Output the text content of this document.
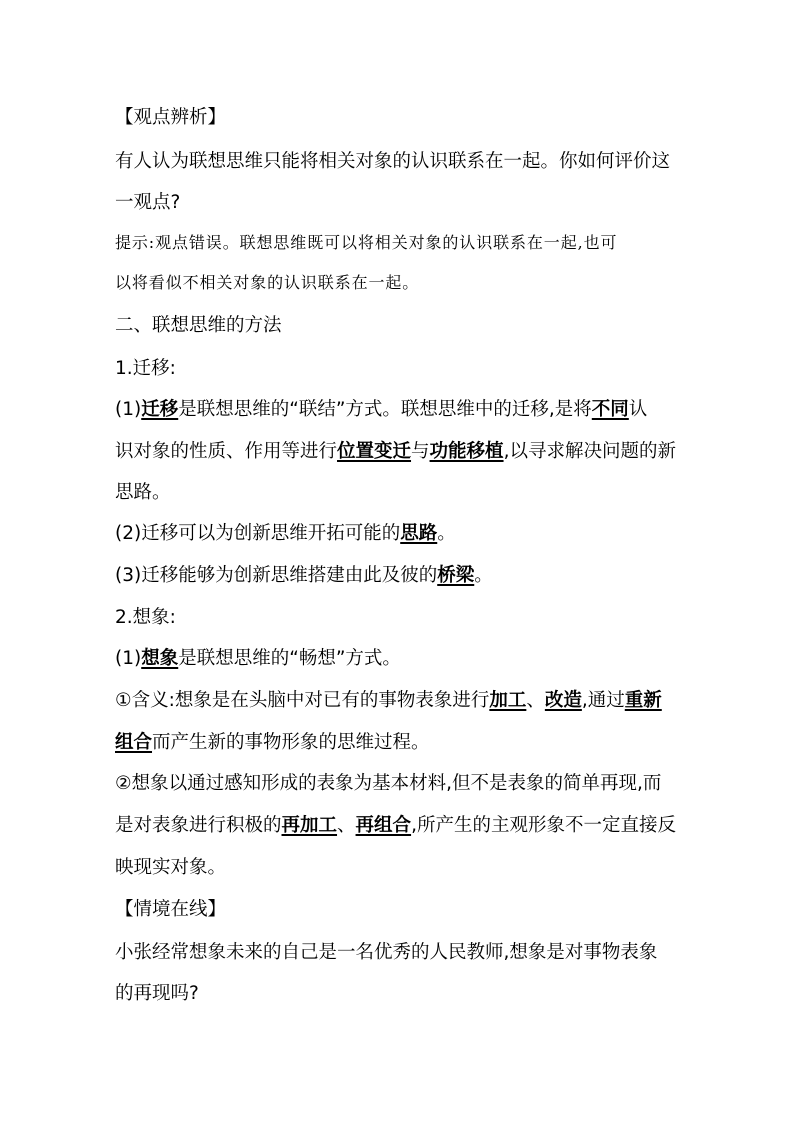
【观点辨析】
有人认为联想思维只能将相关对象的认识联系在一起。你如何评价这
一观点?
提示:观点错误。联想思维既可以将相关对象的认识联系在一起,也可
以将看似不相关对象的认识联系在一起。
二、联想思维的方法
1.迁移:
(1)迁移是联想思维的“联结”方式。联想思维中的迁移,是将不同认
识对象的性质、作用等进行位置变迁与功能移植,以寻求解决问题的新
思路。
(2)迁移可以为创新思维开拓可能的思路。
(3)迁移能够为创新思维搭建由此及彼的桥梁。
2.想象:
(1)想象是联想思维的“畅想”方式。
①含义:想象是在头脑中对已有的事物表象进行加工、改造,通过重新
组合而产生新的事物形象的思维过程。
②想象以通过感知形成的表象为基本材料,但不是表象的简单再现,而
是对表象进行积极的再加工、再组合,所产生的主观形象不一定直接反
映现实对象。
【情境在线】
小张经常想象未来的自己是一名优秀的人民教师,想象是对事物表象
的再现吗?
